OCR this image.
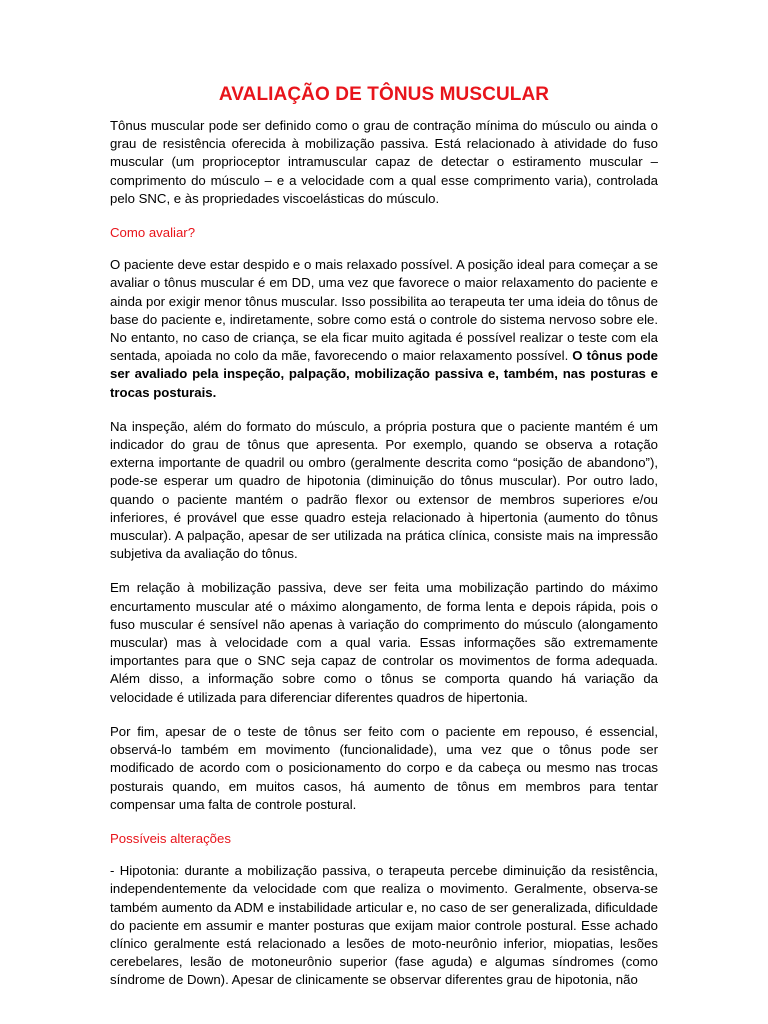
AVALIAÇÃO DE TÔNUS MUSCULAR

Tônus muscular pode ser definido como o grau de contração mínima do músculo ou ainda o grau de resistência oferecida à mobilização passiva. Está relacionado à atividade do fuso muscular (um proprioceptor intramuscular capaz de detectar o estiramento muscular – comprimento do músculo – e a velocidade com a qual esse comprimento varia), controlada pelo SNC, e às propriedades viscoelásticas do músculo.

Como avaliar?

O paciente deve estar despido e o mais relaxado possível. A posição ideal para começar a se avaliar o tônus muscular é em DD, uma vez que favorece o maior relaxamento do paciente e ainda por exigir menor tônus muscular. Isso possibilita ao terapeuta ter uma ideia do tônus de base do paciente e, indiretamente, sobre como está o controle do sistema nervoso sobre ele. No entanto, no caso de criança, se ela ficar muito agitada é possível realizar o teste com ela sentada, apoiada no colo da mãe, favorecendo o maior relaxamento possível. O tônus pode ser avaliado pela inspeção, palpação, mobilização passiva e, também, nas posturas e trocas posturais.

Na inspeção, além do formato do músculo, a própria postura que o paciente mantém é um indicador do grau de tônus que apresenta. Por exemplo, quando se observa a rotação externa importante de quadril ou ombro (geralmente descrita como “posição de abandono”), pode-se esperar um quadro de hipotonia (diminuição do tônus muscular). Por outro lado, quando o paciente mantém o padrão flexor ou extensor de membros superiores e/ou inferiores, é provável que esse quadro esteja relacionado à hipertonia (aumento do tônus muscular). A palpação, apesar de ser utilizada na prática clínica, consiste mais na impressão subjetiva da avaliação do tônus.

Em relação à mobilização passiva, deve ser feita uma mobilização partindo do máximo encurtamento muscular até o máximo alongamento, de forma lenta e depois rápida, pois o fuso muscular é sensível não apenas à variação do comprimento do músculo (alongamento muscular) mas à velocidade com a qual varia. Essas informações são extremamente importantes para que o SNC seja capaz de controlar os movimentos de forma adequada. Além disso, a informação sobre como o tônus se comporta quando há variação da velocidade é utilizada para diferenciar diferentes quadros de hipertonia.

Por fim, apesar de o teste de tônus ser feito com o paciente em repouso, é essencial, observá-lo também em movimento (funcionalidade), uma vez que o tônus pode ser modificado de acordo com o posicionamento do corpo e da cabeça ou mesmo nas trocas posturais quando, em muitos casos, há aumento de tônus em membros para tentar compensar uma falta de controle postural.

Possíveis alterações

- Hipotonia: durante a mobilização passiva, o terapeuta percebe diminuição da resistência, independentemente da velocidade com que realiza o movimento. Geralmente, observa-se também aumento da ADM e instabilidade articular e, no caso de ser generalizada, dificuldade do paciente em assumir e manter posturas que exijam maior controle postural. Esse achado clínico geralmente está relacionado a lesões de moto-neurônio inferior, miopatias, lesões cerebelares, lesão de motoneurônio superior (fase aguda) e algumas síndromes (como síndrome de Down). Apesar de clinicamente se observar diferentes grau de hipotonia, não
